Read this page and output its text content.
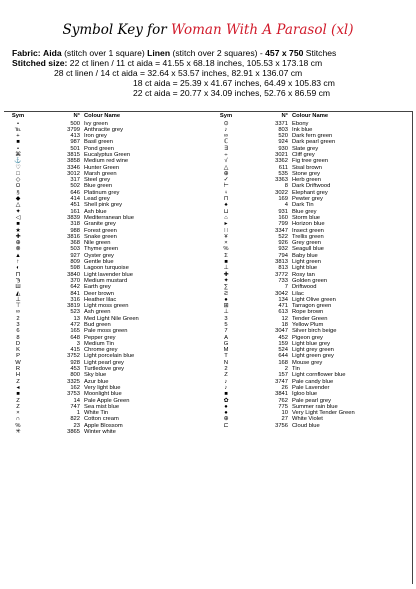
Symbol Key for Woman With A Parasol (xl)
Fabric: Aida (stitch over 1 square) Linen (stitch over 2 squares) - 457 x 750 Stitches
Stitched size: 22 ct linen / 11 ct aida = 41.55 x 68.18 inches, 105.53 x 173.18 cm
28 ct linen / 14 ct aida = 32.64 x 53.57 inches, 82.91 x 136.07 cm
18 ct aida = 25.39 x 41.67 inches, 64.49 x 105.83 cm
22 ct aida = 20.77 x 34.09 inches, 52.76 x 86.59 cm
Sym	N° Colour Name
•	500 Ivy green
℡	3799 Anthracite grey
+	413 Iron grey
■	987 Basil green
•	501 Pond green
⌘	3815 Eucalyptus Green
⚓	3858 Medium red wine
♡	3346 Hunter Green
□	3012 Marsh green
◇	317 Steel grey
Ω	502 Blue green
§	646 Platinum grey
◆	414 Lead grey
△	451 Shell pink grey
✦	161 Ash blue
◁	3839 Mediterranean blue
■	318 Granite grey
★	988 Forest green
✚	3816 Snake green
⊕	368 Nile green
⊗	503 Thyme green
▲	927 Oyster grey
↑	809 Gentle blue
◐	598 Lagoon turquoise
Π	3840 Light lavender blue
Ϡ	370 Medium mustard
Ш	642 Earth grey
◭	841 Deer brown
⊥	316 Heather lilac
⊤	3819 Light moss green
∞	523 Ash green
2	13 Med Light Nile Green
3	472 Bud green
6	165 Pale moss green
8	648 Pepper grey
D	3 Medium Tin
K	415 Chrome grey
P	3752 Light porcelain blue
W	928 Light pearl grey
R	453 Turtledove grey
H	800 Sky blue
Z	3325 Azur blue
◂	162 Very light blue
■	3753 Moonlight blue
Z	14 Pale Apple Green
Z	747 Sea mist blue
×	1 White Tin
∩	822 Cotton cream
%	23 Apple Blossom
✳	3865 Winter white
Sym	N° Colour Name
⊙	3371 Ebony
♪	803 Ink blue
∞	520 Dark fern green
ℂ	924 Dark pearl green
∃	930 Slate grey
÷	3021 Cliff grey
√	3362 Fig tree green
△	611 Sisal brown
⊕	535 Stone grey
✓	3363 Herb green
⊢	8 Dark Driftwood
♀	3022 Elephant grey
⊓	169 Pewter grey
♠	4 Dark Tin
⊔	931 Blue grey
⌂	160 Storm blue
▸	799 Horizon blue
∷	3347 Insect green
¥	522 Trellis green
×	926 Grey green
%	932 Seagull blue
Σ	794 Baby blue
■	3813 Light green
⊥	813 Light blue
✚	3772 Rosy tan
✦	733 Golden green
∑	7 Driftwood
Ƨ	3042 Lilac
●	134 Light Olive green
⊞	471 Tarragon green
⊥	613 Rope brown
3	12 Tender Green
5	18 Yellow Plum
7	3047 Silver birch beige
A	452 Pigeon grey
G	159 Light blue grey
M	524 Light grey green
T	644 Light green grey
N	168 Mouse grey
2	2 Tin
Z	157 Light cornflower blue
♪	3747 Pale candy blue
♪	26 Pale Lavender
■	3841 Igloo blue
✿	762 Pale pearl grey
●	775 Summer rain blue
●	10 Very Light Tender Green
⊕	27 White Violet
⊏	3756 Cloud blue
